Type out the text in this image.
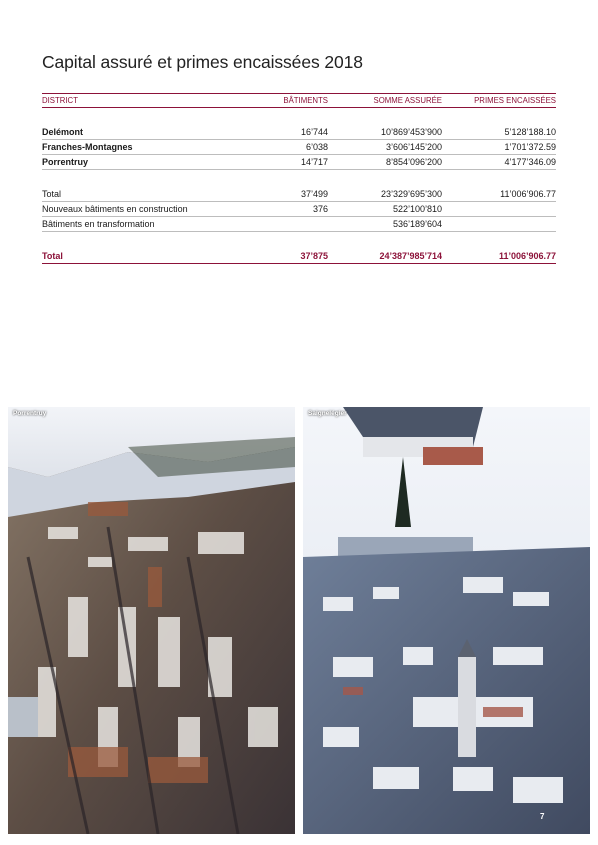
Capital assuré et primes encaissées 2018
DISTRICT	BÂTIMENTS	SOMME ASSURÉE	PRIMES ENCAISSÉES

Delémont	16’744	10’869’453’900	5’128’188.10
Franches-Montagnes	6’038	3’606’145’200	1’701’372.59
Porrentruy	14’717	8’854’096’200	4’177’346.09

Total	37’499	23’329’695’300	11’006’906.77
Nouveaux bâtiments en construction	376	522’100’810	
Bâtiments en transformation		536’189’604	

Total	37’875	24’387’985’714	11’006’906.77
Porrentruy	Saignelégier
7
